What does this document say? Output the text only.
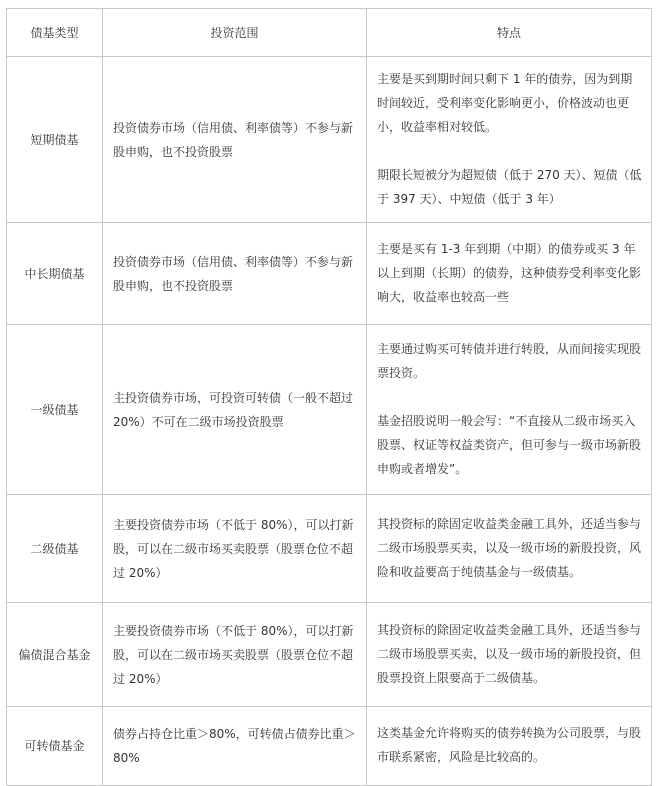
债基类型	投资范围	特点
短期债基	投资债券市场（信用债、利率债等）不参与新股申购，也不投资股票	主要是买到期时间只剩下 1 年的债券，因为到期时间较近，受利率变化影响更小，价格波动也更小，收益率相对较低。

期限长短被分为超短债（低于 270 天）、短债（低于 397 天）、中短债（低于 3 年）

中长期债基	投资债券市场（信用债、利率债等）不参与新股申购，也不投资股票	主要是买有 1-3 年到期（中期）的债券或买 3 年以上到期（长期）的债券，这种债券受利率变化影响大，收益率也较高一些

一级债基	主投资债券市场，可投资可转债（一般不超过 20%）不可在二级市场投资股票	主要通过购买可转债并进行转股，从而间接实现股票投资。

基金招股说明一般会写：“不直接从二级市场买入股票、权证等权益类资产，但可参与一级市场新股申购或者增发”。

二级债基	主要投资债券市场（不低于 80%），可以打新股，可以在二级市场买卖股票（股票仓位不超过 20%）	其投资标的除固定收益类金融工具外，还适当参与二级市场股票买卖，以及一级市场的新股投资，风险和收益要高于纯债基金与一级债基。

偏债混合基金	主要投资债券市场（不低于 80%），可以打新股，可以在二级市场买卖股票（股票仓位不超过 20%）	其投资标的除固定收益类金融工具外，还适当参与二级市场股票买卖，以及一级市场的新股投资，但股票投资上限要高于二级债基。

可转债基金	债券占持仓比重＞80%，可转债占债券比重＞80%	这类基金允许将购买的债券转换为公司股票，与股市联系紧密，风险是比较高的。
